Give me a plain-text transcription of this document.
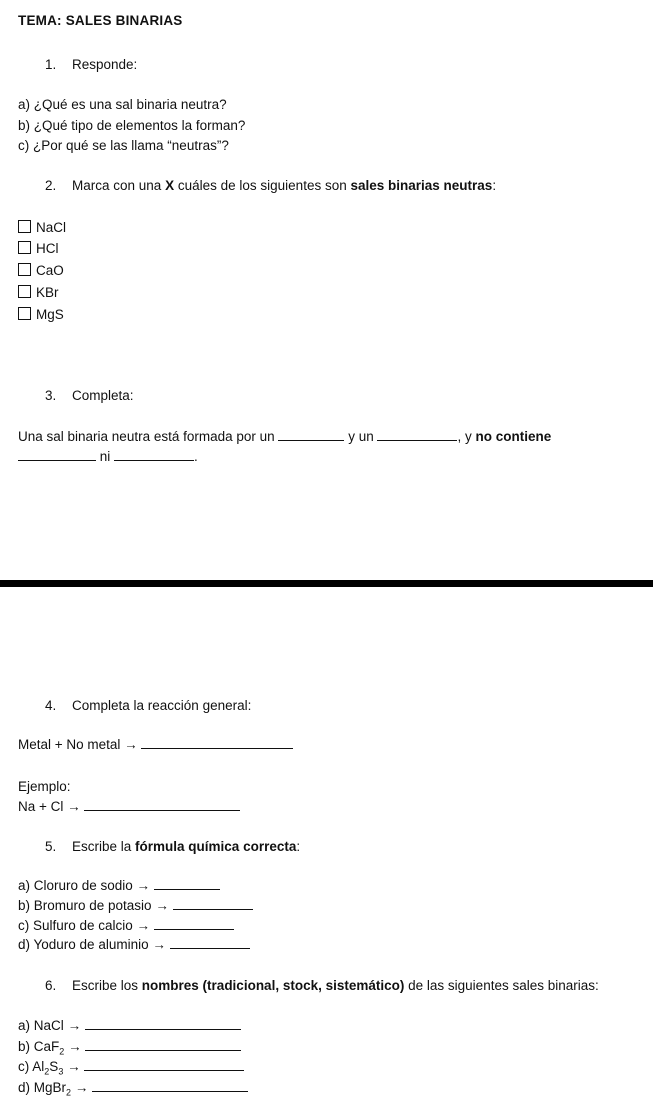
TEMA: SALES BINARIAS
1. Responde:
a) ¿Qué es una sal binaria neutra?
b) ¿Qué tipo de elementos la forman?
c) ¿Por qué se las llama “neutras”?
2. Marca con una X cuáles de los siguientes son sales binarias neutras:
NaCl
HCl
CaO
KBr
MgS
3. Completa:
Una sal binaria neutra está formada por un	y un	, y no contiene
ni	.
4. Completa la reacción general:
Metal + No metal →
Ejemplo:
Na + Cl →
5. Escribe la fórmula química correcta:
a) Cloruro de sodio →
b) Bromuro de potasio →
c) Sulfuro de calcio →
d) Yoduro de aluminio →
6. Escribe los nombres (tradicional, stock, sistemático) de las siguientes sales binarias:
a) NaCl →
b) CaF$_2$ →
c) $Al_2S_3$ →
d) MgBr$_2$ →
